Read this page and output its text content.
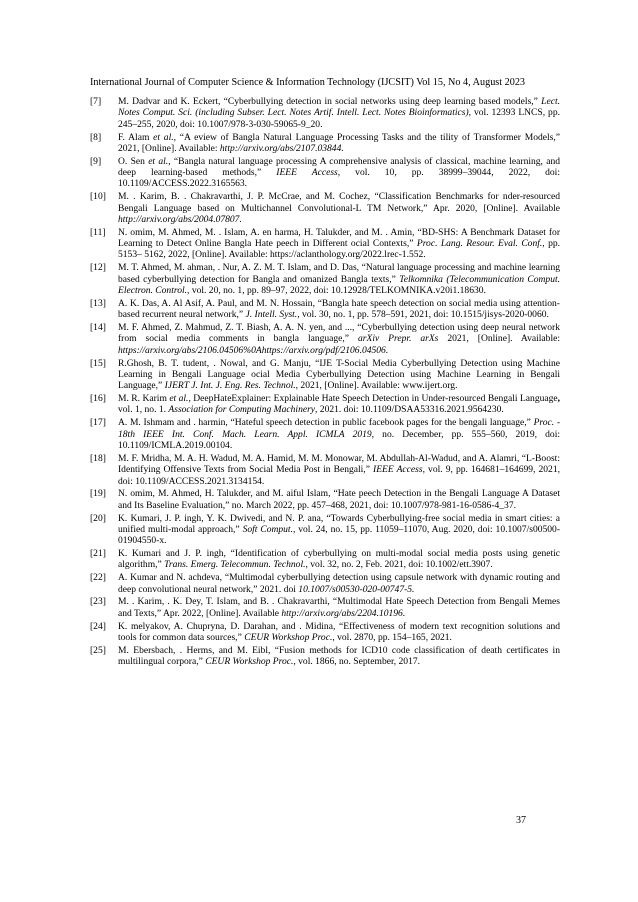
International Journal of Computer Science & Information Technology (IJCSIT) Vol 15, No 4, August 2023
[7]	M. Dadvar and K. Eckert, “Cyberbullying detection in social networks using deep learning based models,” Lect. Notes Comput. Sci. (including Subser. Lect. Notes Artif. Intell. Lect. Notes Bioinformatics), vol. 12393 LNCS, pp. 245–255, 2020, doi: 10.1007/978-3-030-59065-9_20.
[8]	F. Alam et al., “A eview of Bangla Natural Language Processing Tasks and the tility of Transformer Models,” 2021, [Online]. Available: http://arxiv.org/abs/2107.03844.
[9]	O. Sen et al., “Bangla natural language processing A comprehensive analysis of classical, machine learning, and deep learning-based methods,” IEEE Access, vol. 10, pp. 38999–39044, 2022, doi: 10.1109/ACCESS.2022.3165563.
[10]	M. . Karim, B. . Chakravarthi, J. P. McCrae, and M. Cochez, “Classification Benchmarks for nder-resourced Bengali Language based on Multichannel Convolutional-L TM Network,” Apr. 2020, [Online]. Available http://arxiv.org/abs/2004.07807.
[11]	N. omim, M. Ahmed, M. . Islam, A. en harma, H. Talukder, and M. . Amin, “BD-SHS: A Benchmark Dataset for Learning to Detect Online Bangla Hate peech in Different ocial Contexts,” Proc. Lang. Resour. Eval. Conf., pp. 5153– 5162, 2022, [Online]. Available: https://aclanthology.org/2022.lrec-1.552.
[12]	M. T. Ahmed, M. ahman, . Nur, A. Z. M. T. Islam, and D. Das, “Natural language processing and machine learning based cyberbullying detection for Bangla and omanized Bangla texts,” Telkomnika (Telecommunication Comput. Electron. Control., vol. 20, no. 1, pp. 89–97, 2022, doi: 10.12928/TELKOMNIKA.v20i1.18630.
[13]	A. K. Das, A. Al Asif, A. Paul, and M. N. Hossain, “Bangla hate speech detection on social media using attention-based recurrent neural network,” J. Intell. Syst., vol. 30, no. 1, pp. 578–591, 2021, doi: 10.1515/jisys-2020-0060.
[14]	M. F. Ahmed, Z. Mahmud, Z. T. Biash, A. A. N. yen, and ..., “Cyberbullying detection using deep neural network from social media comments in bangla language,” arXiv Prepr. arXs 2021, [Online]. Available: https://arxiv.org/abs/2106.04506%0Ahttps://arxiv.org/pdf/2106.04506.
[15]	R.Ghosh, B. T. tudent, . Nowal, and G. Manju, “IJE T-Social Media Cyberbullying Detection using Machine Learning in Bengali Language ocial Media Cyberbullying Detection using Machine Learning in Bengali Language,” IJERT J. Int. J. Eng. Res. Technol., 2021, [Online]. Available: www.ijert.org.
[16]	M. R. Karim et al., DeepHateExplainer: Explainable Hate Speech Detection in Under-resourced Bengali Language, vol. 1, no. 1. Association for Computing Machinery, 2021. doi: 10.1109/DSAA53316.2021.9564230.
[17]	A. M. Ishmam and . harmin, “Hateful speech detection in public facebook pages for the bengali language,” Proc. - 18th IEEE Int. Conf. Mach. Learn. Appl. ICMLA 2019, no. December, pp. 555–560, 2019, doi: 10.1109/ICMLA.2019.00104.
[18]	M. F. Mridha, M. A. H. Wadud, M. A. Hamid, M. M. Monowar, M. Abdullah-Al-Wadud, and A. Alamri, “L-Boost: Identifying Offensive Texts from Social Media Post in Bengali,” IEEE Access, vol. 9, pp. 164681–164699, 2021, doi: 10.1109/ACCESS.2021.3134154.
[19]	N. omim, M. Ahmed, H. Talukder, and M. aiful Islam, “Hate peech Detection in the Bengali Language A Dataset and Its Baseline Evaluation,” no. March 2022, pp. 457–468, 2021, doi: 10.1007/978-981-16-0586-4_37.
[20]	K. Kumari, J. P. ingh, Y. K. Dwivedi, and N. P. ana, “Towards Cyberbullying-free social media in smart cities: a unified multi-modal approach,” Soft Comput., vol. 24, no. 15, pp. 11059–11070, Aug. 2020, doi: 10.1007/s00500-01904550-x.
[21]	K. Kumari and J. P. ingh, “Identification of cyberbullying on multi-modal social media posts using genetic algorithm,” Trans. Emerg. Telecommun. Technol., vol. 32, no. 2, Feb. 2021, doi: 10.1002/ett.3907.
[22]	A. Kumar and N. achdeva, “Multimodal cyberbullying detection using capsule network with dynamic routing and deep convolutional neural network,” 2021. doi 10.1007/s00530-020-00747-5.
[23]	M. . Karim, . K. Dey, T. Islam, and B. . Chakravarthi, “Multimodal Hate Speech Detection from Bengali Memes and Texts,” Apr. 2022, [Online]. Available http://arxiv.org/abs/2204.10196.
[24]	K. melyakov, A. Chupryna, D. Darahan, and . Midina, “Effectiveness of modern text recognition solutions and tools for common data sources,” CEUR Workshop Proc., vol. 2870, pp. 154–165, 2021.
[25]	M. Ebersbach, . Herms, and M. Eibl, “Fusion methods for ICD10 code classification of death certificates in multilingual corpora,” CEUR Workshop Proc., vol. 1866, no. September, 2017.
37
